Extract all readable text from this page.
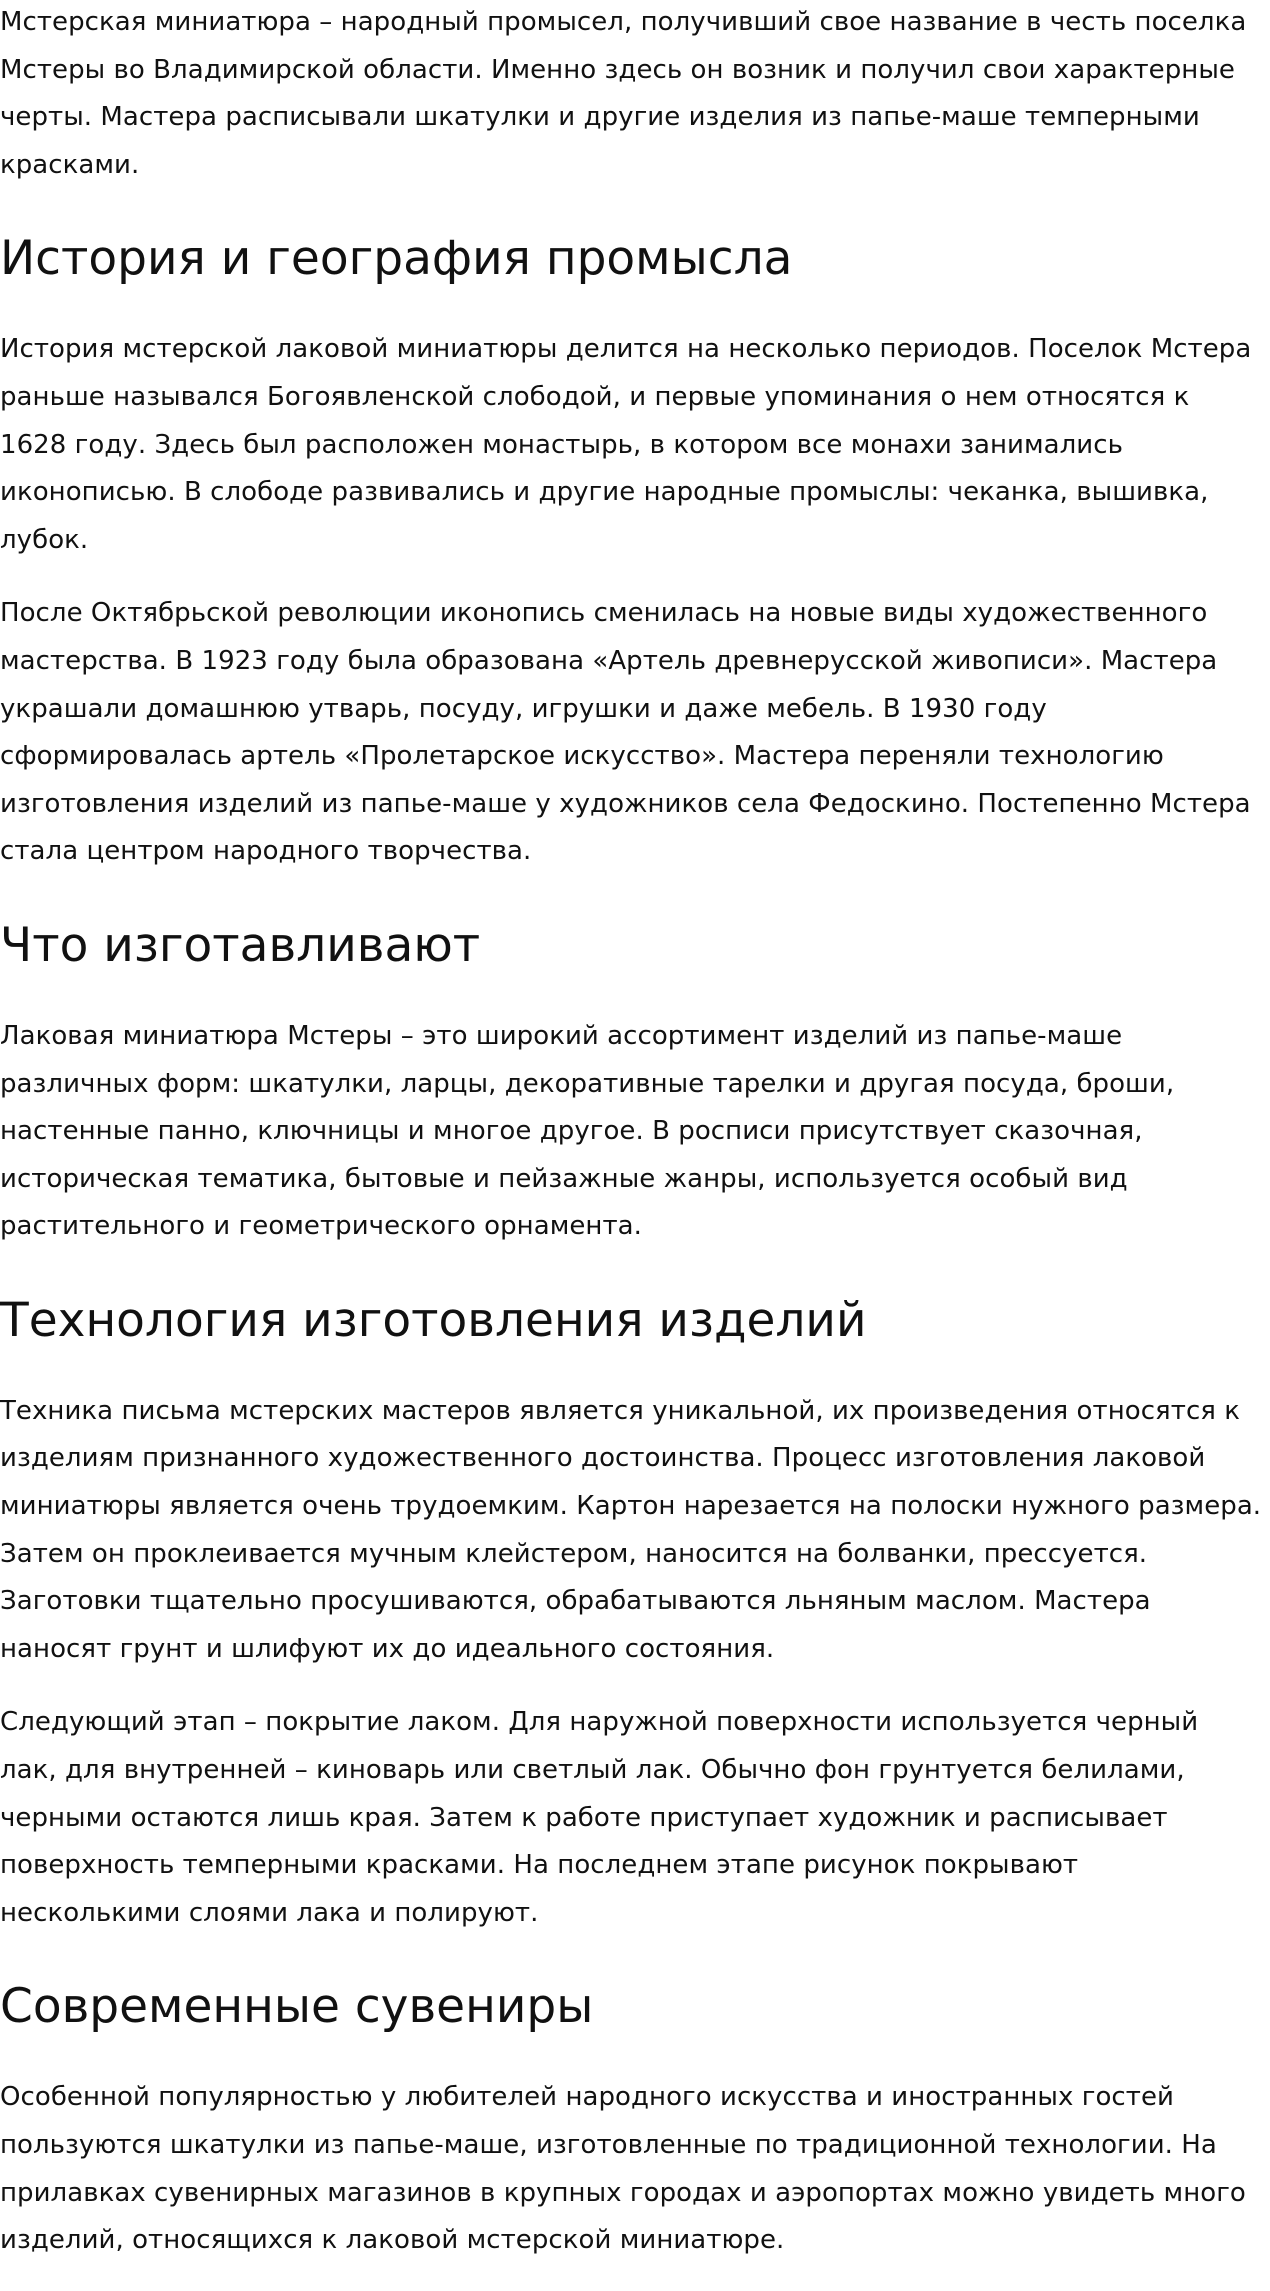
Мстерская миниатюра – народный промысел, получивший свое название в честь поселка Мстеры во Владимирской области. Именно здесь он возник и получил свои характерные черты. Мастера расписывали шкатулки и другие изделия из папье-маше темперными красками.

История и география промысла

История мстерской лаковой миниатюры делится на несколько периодов. Поселок Мстера раньше назывался Богоявленской слободой, и первые упоминания о нем относятся к 1628 году. Здесь был расположен монастырь, в котором все монахи занимались иконописью. В слободе развивались и другие народные промыслы: чеканка, вышивка, лубок.

После Октябрьской революции иконопись сменилась на новые виды художественного мастерства. В 1923 году была образована «Артель древнерусской живописи». Мастера украшали домашнюю утварь, посуду, игрушки и даже мебель. В 1930 году сформировалась артель «Пролетарское искусство». Мастера переняли технологию изготовления изделий из папье-маше у художников села Федоскино. Постепенно Мстера стала центром народного творчества.

Что изготавливают

Лаковая миниатюра Мстеры – это широкий ассортимент изделий из папье-маше различных форм: шкатулки, ларцы, декоративные тарелки и другая посуда, броши, настенные панно, ключницы и многое другое. В росписи присутствует сказочная, историческая тематика, бытовые и пейзажные жанры, используется особый вид растительного и геометрического орнамента.

Технология изготовления изделий

Техника письма мстерских мастеров является уникальной, их произведения относятся к изделиям признанного художественного достоинства. Процесс изготовления лаковой миниатюры является очень трудоемким. Картон нарезается на полоски нужного размера. Затем он проклеивается мучным клейстером, наносится на болванки, прессуется. Заготовки тщательно просушиваются, обрабатываются льняным маслом. Мастера наносят грунт и шлифуют их до идеального состояния.

Следующий этап – покрытие лаком. Для наружной поверхности используется черный лак, для внутренней – киноварь или светлый лак. Обычно фон грунтуется белилами, черными остаются лишь края. Затем к работе приступает художник и расписывает поверхность темперными красками. На последнем этапе рисунок покрывают несколькими слоями лака и полируют.

Современные сувениры

Особенной популярностью у любителей народного искусства и иностранных гостей пользуются шкатулки из папье-маше, изготовленные по традиционной технологии. На прилавках сувенирных магазинов в крупных городах и аэропортах можно увидеть много изделий, относящихся к лаковой мстерской миниатюре.
